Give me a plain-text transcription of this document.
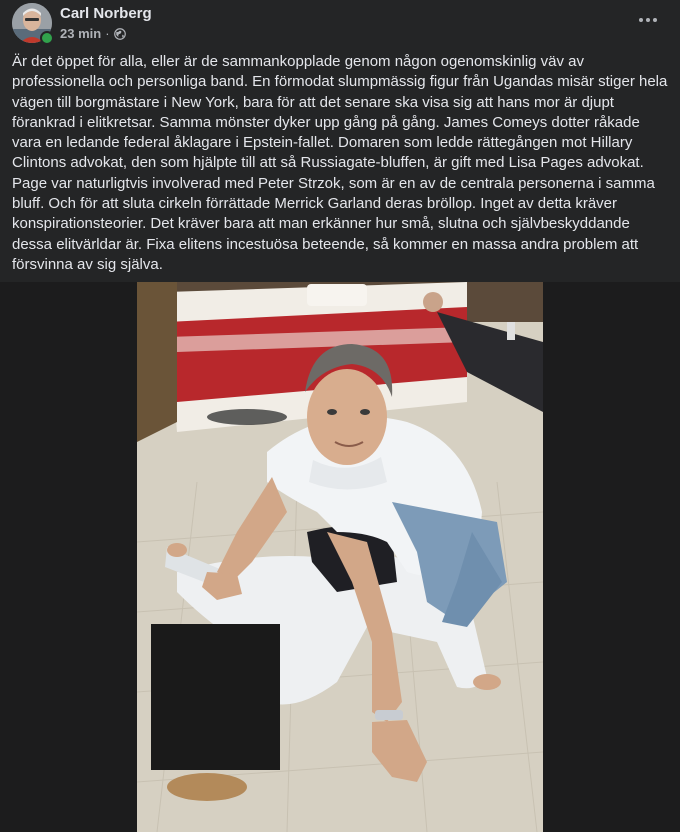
Carl Norberg
23 min ·

Är det öppet för alla, eller är de sammankopplade genom någon ogenomskinlig väv av professionella och personliga band. En förmodat slumpmässig figur från Ugandas misär stiger hela vägen till borgmästare i New York, bara för att det senare ska visa sig att hans mor är djupt förankrad i elitkretsar. Samma mönster dyker upp gång på gång. James Comeys dotter råkade vara en ledande federal åklagare i Epstein-fallet. Domaren som ledde rättegången mot Hillary Clintons advokat, den som hjälpte till att så Russiagate-bluffen, är gift med Lisa Pages advokat. Page var naturligtvis involverad med Peter Strzok, som är en av de centrala personerna i samma bluff. Och för att sluta cirkeln förrättade Merrick Garland deras bröllop. Inget av detta kräver konspirationsteorier. Det kräver bara att man erkänner hur små, slutna och självbeskyddande dessa elitvärldar är. Fixa elitens incestuösa beteende, så kommer en massa andra problem att försvinna av sig själva.
